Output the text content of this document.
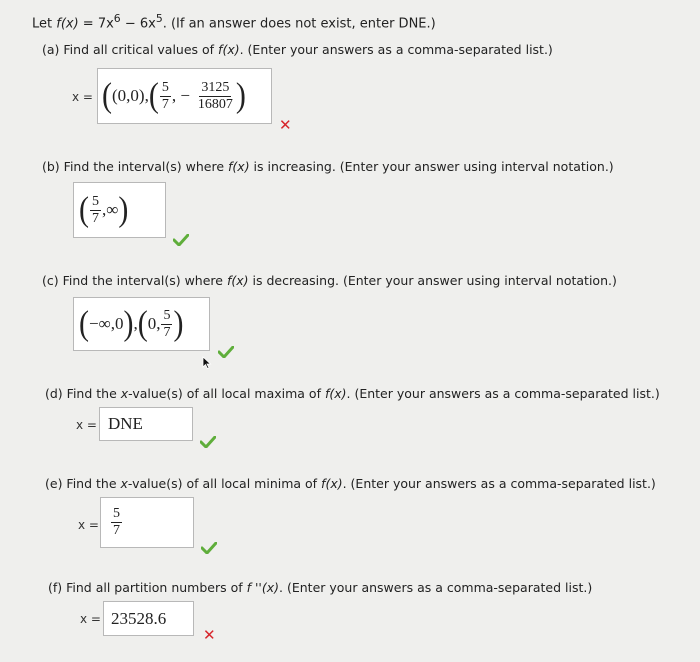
Let $f(x) = 7x^6 - 6x^5$. (If an answer does not exist, enter DNE.)
(a) Find all critical values of f(x). (Enter your answers as a comma-separated list.)
x = ( (0,0), ( $\frac{5}{7}$ , − $\frac{3125}{16807}$ )
✕
(b) Find the interval(s) where f(x) is increasing. (Enter your answer using interval notation.)
( $\frac{5}{7}$ ,∞ )
(c) Find the interval(s) where f(x) is decreasing. (Enter your answer using interval notation.)
( −∞,0 ) , ( 0, $\frac{5}{7}$ )
(d) Find the x-value(s) of all local maxima of f(x). (Enter your answers as a comma-separated list.)
x = DNE
(e) Find the x-value(s) of all local minima of f(x). (Enter your answers as a comma-separated list.)
$x = \frac{5}{7}$
(f) Find all partition numbers of f ''(x). (Enter your answers as a comma-separated list.)
x = 23528.6
✕
